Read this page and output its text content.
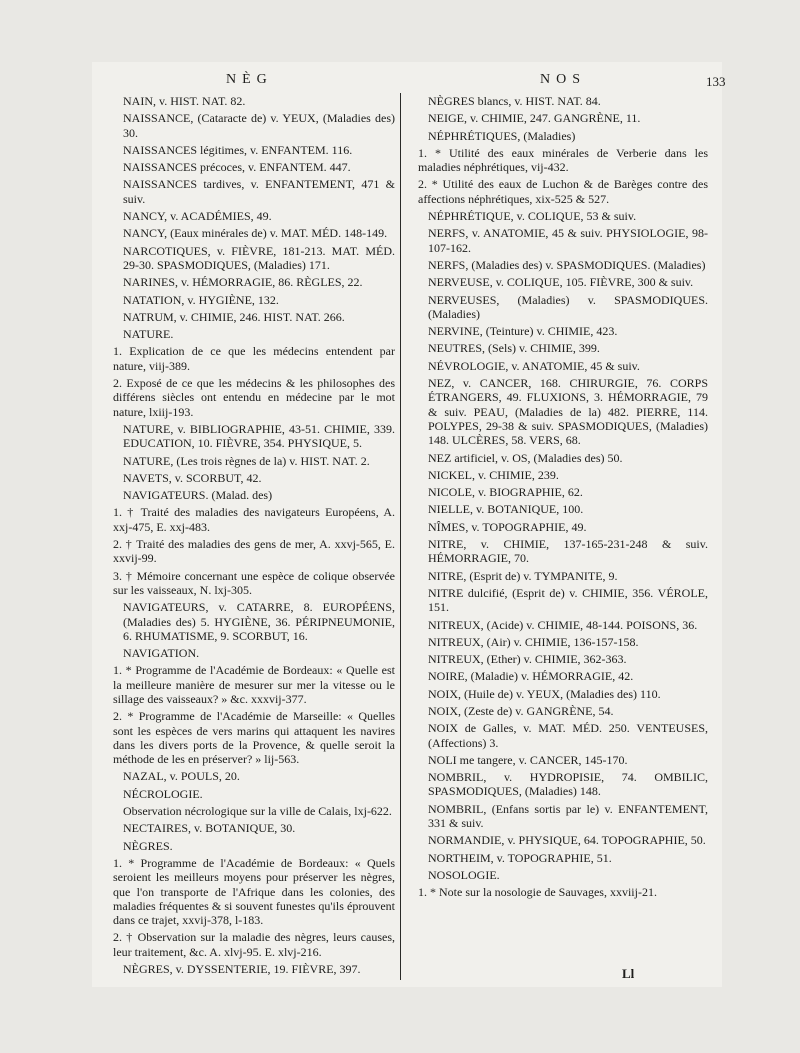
NÈG	NOS	133
NAIN, v. HIST. NAT. 82.
NAISSANCE, (Cataracte de) v. YEUX, (Maladies des) 30.
NAISSANCES légitimes, v. ENFANTEM. 116.
NAISSANCES précoces, v. ENFANTEM. 447.
NAISSANCES tardives, v. ENFANTEMENT, 471 & suiv.
NANCY, v. ACADÉMIES, 49.
NANCY, (Eaux minérales de) v. MAT. MÉD. 148-149.
NARCOTIQUES, v. FIÈVRE, 181-213. MAT. MÉD. 29-30. SPASMODIQUES, (Maladies) 171.
NARINES, v. HÉMORRAGIE, 86. RÈGLES, 22.
NATATION, v. HYGIÈNE, 132.
NATRUM, v. CHIMIE, 246. HIST. NAT. 266.
NATURE.
1. Explication de ce que les médecins entendent par nature, viij-389.
2. Exposé de ce que les médecins & les philosophes des différens siècles ont entendu en médecine par le mot nature, lxiij-193.
NATURE, v. BIBLIOGRAPHIE, 43-51. CHIMIE, 339. EDUCATION, 10. FIÈVRE, 354. PHYSIQUE, 5.
NATURE, (Les trois règnes de la) v. HIST. NAT. 2.
NAVETS, v. SCORBUT, 42.
NAVIGATEURS. (Malad. des)
1. † Traité des maladies des navigateurs Européens, A. xxj-475, E. xxj-483.
2. † Traité des maladies des gens de mer, A. xxvj-565, E. xxvij-99.
3. † Mémoire concernant une espèce de colique observée sur les vaisseaux, N. lxj-305.
NAVIGATEURS, v. CATARRE, 8. EUROPÉENS, (Maladies des) 5. HYGIÈNE, 36. PÉRIPNEUMONIE, 6. RHUMATISME, 9. SCORBUT, 16.
NAVIGATION.
1. * Programme de l'Académie de Bordeaux: « Quelle est la meilleure manière de mesurer sur mer la vitesse ou le sillage des vaisseaux? » &c. xxxvij-377.
2. * Programme de l'Académie de Marseille: « Quelles sont les espèces de vers marins qui attaquent les navires dans les divers ports de la Provence, & quelle seroit la méthode de les en préserver? » lij-563.
NAZAL, v. POULS, 20.
NÉCROLOGIE.
Observation nécrologique sur la ville de Calais, lxj-622.
NECTAIRES, v. BOTANIQUE, 30.
NÈGRES.
1. * Programme de l'Académie de Bordeaux: « Quels seroient les meilleurs moyens pour préserver les nègres, que l'on transporte de l'Afrique dans les colonies, des maladies fréquentes & si souvent funestes qu'ils éprouvent dans ce trajet, xxvij-378, l-183.
2. † Observation sur la maladie des nègres, leurs causes, leur traitement, &c. A. xlvj-95. E. xlvj-216.
NÈGRES, v. DYSSENTERIE, 19. FIÈVRE, 397.
NÈGRES blancs, v. HIST. NAT. 84.
NEIGE, v. CHIMIE, 247. GANGRÈNE, 11.
NÉPHRÉTIQUES, (Maladies)
1. * Utilité des eaux minérales de Verberie dans les maladies néphrétiques, vij-432.
2. * Utilité des eaux de Luchon & de Barèges contre des affections néphrétiques, xix-525 & 527.
NÉPHRÉTIQUE, v. COLIQUE, 53 & suiv.
NERFS, v. ANATOMIE, 45 & suiv. PHYSIOLOGIE, 98-107-162.
NERFS, (Maladies des) v. SPASMODIQUES. (Maladies)
NERVEUSE, v. COLIQUE, 105. FIÈVRE, 300 & suiv.
NERVEUSES, (Maladies) v. SPASMODIQUES. (Maladies)
NERVINE, (Teinture) v. CHIMIE, 423.
NEUTRES, (Sels) v. CHIMIE, 399.
NÉVROLOGIE, v. ANATOMIE, 45 & suiv.
NEZ, v. CANCER, 168. CHIRURGIE, 76. CORPS ÉTRANGERS, 49. FLUXIONS, 3. HÉMORRAGIE, 79 & suiv. PEAU, (Maladies de la) 482. PIERRE, 114. POLYPES, 29-38 & suiv. SPASMODIQUES, (Maladies) 148. ULCÈRES, 58. VERS, 68.
NEZ artificiel, v. OS, (Maladies des) 50.
NICKEL, v. CHIMIE, 239.
NICOLE, v. BIOGRAPHIE, 62.
NIELLE, v. BOTANIQUE, 100.
NÎMES, v. TOPOGRAPHIE, 49.
NITRE, v. CHIMIE, 137-165-231-248 & suiv. HÉMORRAGIE, 70.
NITRE, (Esprit de) v. TYMPANITE, 9.
NITRE dulcifié, (Esprit de) v. CHIMIE, 356. VÉROLE, 151.
NITREUX, (Acide) v. CHIMIE, 48-144. POISONS, 36.
NITREUX, (Air) v. CHIMIE, 136-157-158.
NITREUX, (Ether) v. CHIMIE, 362-363.
NOIRE, (Maladie) v. HÉMORRAGIE, 42.
NOIX, (Huile de) v. YEUX, (Maladies des) 110.
NOIX, (Zeste de) v. GANGRÈNE, 54.
NOIX de Galles, v. MAT. MÉD. 250. VENTEUSES, (Affections) 3.
NOLI me tangere, v. CANCER, 145-170.
NOMBRIL, v. HYDROPISIE, 74. OMBILIC, SPASMODIQUES, (Maladies) 148.
NOMBRIL, (Enfans sortis par le) v. ENFANTEMENT, 331 & suiv.
NORMANDIE, v. PHYSIQUE, 64. TOPOGRAPHIE, 50.
NORTHEIM, v. TOPOGRAPHIE, 51.
NOSOLOGIE.
1. * Note sur la nosologie de Sauvages, xxviij-21.
Ll
